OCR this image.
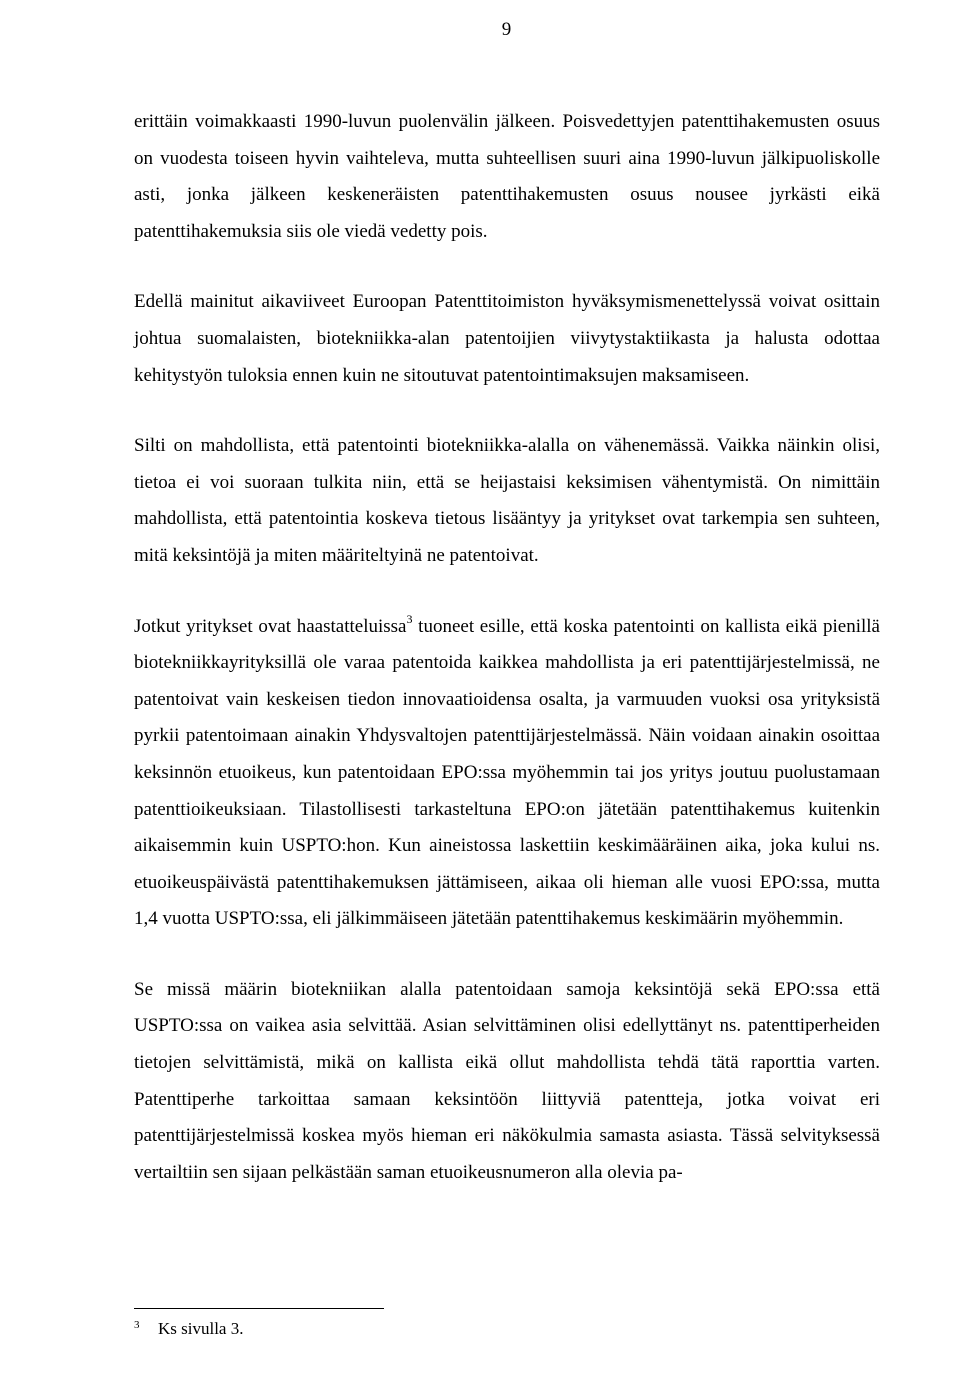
9

erittäin voimakkaasti 1990-luvun puolenvälin jälkeen. Poisvedettyjen patenttihakemusten osuus on vuodesta toiseen hyvin vaihteleva, mutta suhteellisen suuri aina 1990-luvun jälkipuoliskolle asti, jonka jälkeen keskeneräisten patenttihakemusten osuus nousee jyrkästi eikä patenttihakemuksia siis ole viedä vedetty pois.

Edellä mainitut aikaviiveet Euroopan Patenttitoimiston hyväksymismenettelyssä voivat osittain johtua suomalaisten, biotekniikka-alan patentoijien viivytystaktiikasta ja halusta odottaa kehitystyön tuloksia ennen kuin ne sitoutuvat patentointimaksujen maksamiseen.

Silti on mahdollista, että patentointi biotekniikka-alalla on vähenemässä. Vaikka näinkin olisi, tietoa ei voi suoraan tulkita niin, että se heijastaisi keksimisen vähentymistä. On nimittäin mahdollista, että patentointia koskeva tietous lisääntyy ja yritykset ovat tarkempia sen suhteen, mitä keksintöjä ja miten määriteltyinä ne patentoivat.

Jotkut yritykset ovat haastatteluissa$^3$ tuoneet esille, että koska patentointi on kallista eikä pienillä biotekniikkayrityksillä ole varaa patentoida kaikkea mahdollista ja eri patenttijärjestelmissä, ne patentoivat vain keskeisen tiedon innovaatioidensa osalta, ja varmuuden vuoksi osa yrityksistä pyrkii patentoimaan ainakin Yhdysvaltojen patenttijärjestelmässä. Näin voidaan ainakin osoittaa keksinnön etuoikeus, kun patentoidaan EPO:ssa myöhemmin tai jos yritys joutuu puolustamaan patenttioikeuksiaan. Tilastollisesti tarkasteltuna EPO:on jätetään patenttihakemus kuitenkin aikaisemmin kuin USPTO:hon. Kun aineistossa laskettiin keskimääräinen aika, joka kului ns. etuoikeuspäivästä patenttihakemuksen jättämiseen, aikaa oli hieman alle vuosi EPO:ssa, mutta 1,4 vuotta USPTO:ssa, eli jälkimmäiseen jätetään patenttihakemus keskimäärin myöhemmin.

Se missä määrin biotekniikan alalla patentoidaan samoja keksintöjä sekä EPO:ssa että USPTO:ssa on vaikea asia selvittää. Asian selvittäminen olisi edellyttänyt ns. patenttiperheiden tietojen selvittämistä, mikä on kallista eikä ollut mahdollista tehdä tätä raporttia varten. Patenttiperhe tarkoittaa samaan keksintöön liittyviä patentteja, jotka voivat eri patenttijärjestelmissä koskea myös hieman eri näkökulmia samasta asiasta. Tässä selvityksessä vertailtiin sen sijaan pelkästään saman etuoikeusnumeron alla olevia pa-

3 Ks sivulla 3.
